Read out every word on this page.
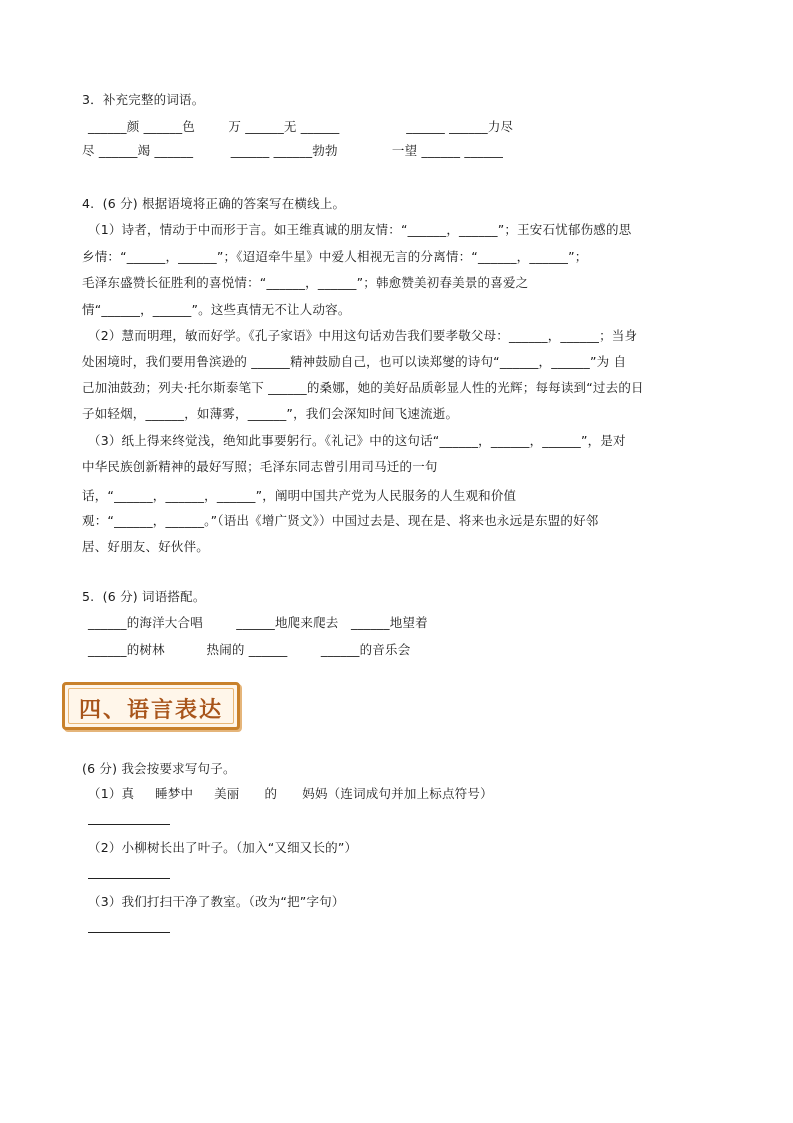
3．补充完整的词语。
______颜 ______色        万 ______无 ______                ______ ______力尽
尽 ______竭 ______         ______ ______勃勃             一望 ______ ______
4.  (6 分) 根据语境将正确的答案写在横线上。
（1）诗者，情动于中而形于言。如王维真诚的朋友情：“______，______”；王安石忧郁伤感的思
乡情：“______，______”；《迢迢牵牛星》中爱人相视无言的分离情：“______，______”；
毛泽东盛赞长征胜利的喜悦情：“______，______”；韩愈赞美初春美景的喜爱之
情“______，______”。这些真情无不让人动容。
（2）慧而明理，敏而好学。《孔子家语》中用这句话劝告我们要孝敬父母：______，______；当身
处困境时，我们要用鲁滨逊的 ______精神鼓励自己，也可以读郑燮的诗句“______，______”为 自
己加油鼓劲；列夫·托尔斯泰笔下 ______的桑娜，她的美好品质彰显人性的光辉；每每读到“过去的日
子如轻烟，______，如薄雾，______”，我们会深知时间飞速流逝。
（3）纸上得来终觉浅，绝知此事要躬行。《礼记》中的这句话“______，______，______”，是对
中华民族创新精神的最好写照；毛泽东同志曾引用司马迁的一句
话，“______，______，______”，阐明中国共产党为人民服务的人生观和价值
观：“______，______。”（语出《增广贤文》）中国过去是、现在是、将来也永远是东盟的好邻
居、好朋友、好伙伴。
5.  (6 分) 词语搭配。
______的海洋大合唱        ______地爬来爬去   ______地望着
______的树林          热闹的 ______        ______的音乐会
四、语言表达
(6 分) 我会按要求写句子。
（1）真     睡梦中     美丽      的      妈妈（连词成句并加上标点符号）
（2）小柳树长出了叶子。（加入“又细又长的”）
（3）我们打扫干净了教室。（改为“把”字句）
